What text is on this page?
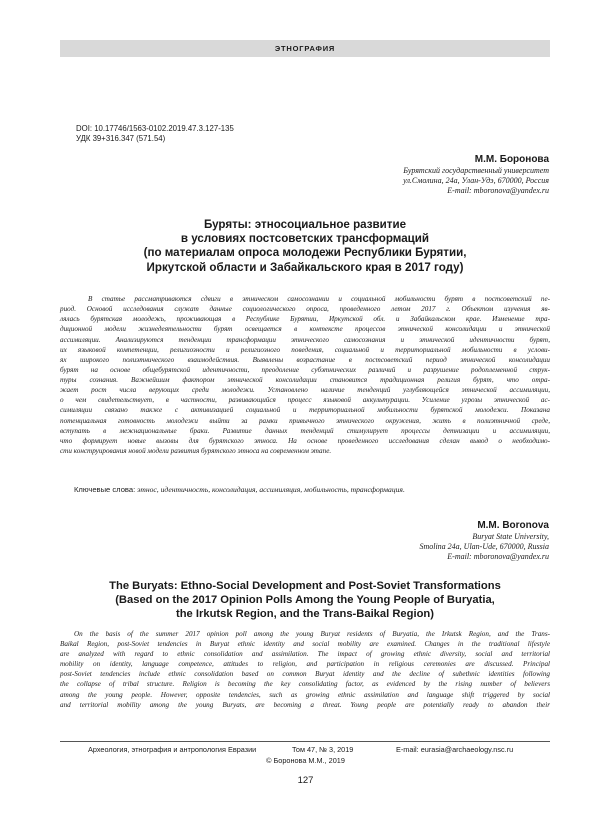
ЭТНОГРАФИЯ
DOI: 10.17746/1563-0102.2019.47.3.127-135
УДК 39+316.347 (571.54)
М.М. Боронова
Бурятский государственный университет
ул.Смолина, 24а, Улан-Удэ, 670000, Россия
E-mail: mboronova@yandex.ru
Буряты: этносоциальное развитие
в условиях постсоветских трансформаций
(по материалам опроса молодежи Республики Бурятии,
Иркутской области и Забайкальского края в 2017 году)
В статье рассматриваются сдвиги в этническом самосознании и социальной мобильности бурят в постсоветский пе-
риод. Основой исследования служат данные социологического опроса, проведенного летом 2017 г. Объектом изучения яв-
лялась бурятская молодежь, проживающая в Республике Бурятии, Иркутской обл. и Забайкальском крае. Изменение тра-
диционной модели жизнедеятельности бурят освещается в контексте процессов этнической консолидации и этнической
ассимиляции. Анализируются тенденции трансформации этнического самосознания и этнической идентичности бурят,
их языковой компетенции, религиозности и религиозного поведения, социальной и территориальной мобильности в услови-
ях широкого полиэтнического взаимодействия. Выявлены возрастание в постсоветский период этнической консолидации
бурят на основе общебурятской идентичности, преодоление субэтнических различий и разрушение родоплеменной струк-
туры сознания. Важнейшим фактором этнической консолидации становится традиционная религия бурят, что отра-
жает рост числа верующих среди молодежи. Установлено наличие тенденций углубляющейся этнической ассимиляции,
о чем свидетельствует, в частности, развивающийся процесс языковой аккультурации. Усиление угрозы этнической ас-
симиляции связано также с активизацией социальной и территориальной мобильности бурятской молодежи. Показана
потенциальная готовность молодежи выйти за рамки привычного этнического окружения, жить в полиэтничной среде,
вступать в межнациональные браки. Развитие данных тенденций стимулирует процессы детнизации и ассимиляции,
что формирует новые вызовы для бурятского этноса. На основе проведенного исследования сделан вывод о необходимо-
сти конструирования новой модели развития бурятского этноса на современном этапе.
Ключевые слова: этнос, идентичность, консолидация, ассимиляция, мобильность, трансформация.
M.M. Boronova
Buryat State University,
Smolina 24a, Ulan-Ude, 670000, Russia
E-mail: mboronova@yandex.ru
The Buryats: Ethno-Social Development and Post-Soviet Transformations
(Based on the 2017 Opinion Polls Among the Young People of Buryatia,
the Irkutsk Region, and the Trans-Baikal Region)
On the basis of the summer 2017 opinion poll among the young Buryat residents of Buryatia, the Irkutsk Region, and the Trans-
Baikal Region, post-Soviet tendencies in Buryat ethnic identity and social mobility are examined. Changes in the traditional lifestyle
are analyzed with regard to ethnic consolidation and assimilation. The impact of growing ethnic diversity, social and territorial
mobility on identity, language competence, attitudes to religion, and participation in religious ceremonies are discussed. Principal
post-Soviet tendencies include ethnic consolidation based on common Buryat identity and the decline of subethnic identities following
the collapse of tribal structure. Religion is becoming the key consolidating factor, as evidenced by the rising number of believers
among the young people. However, opposite tendencies, such as growing ethnic assimilation and language shift triggered by social
and territorial mobility among the young Buryats, are becoming a threat. Young people are potentially ready to abandon their
Археология, этнография и антропология Евразии	Том 47, № 3, 2019	E-mail: eurasia@archaeology.nsc.ru
© Боронова М.М., 2019
127
